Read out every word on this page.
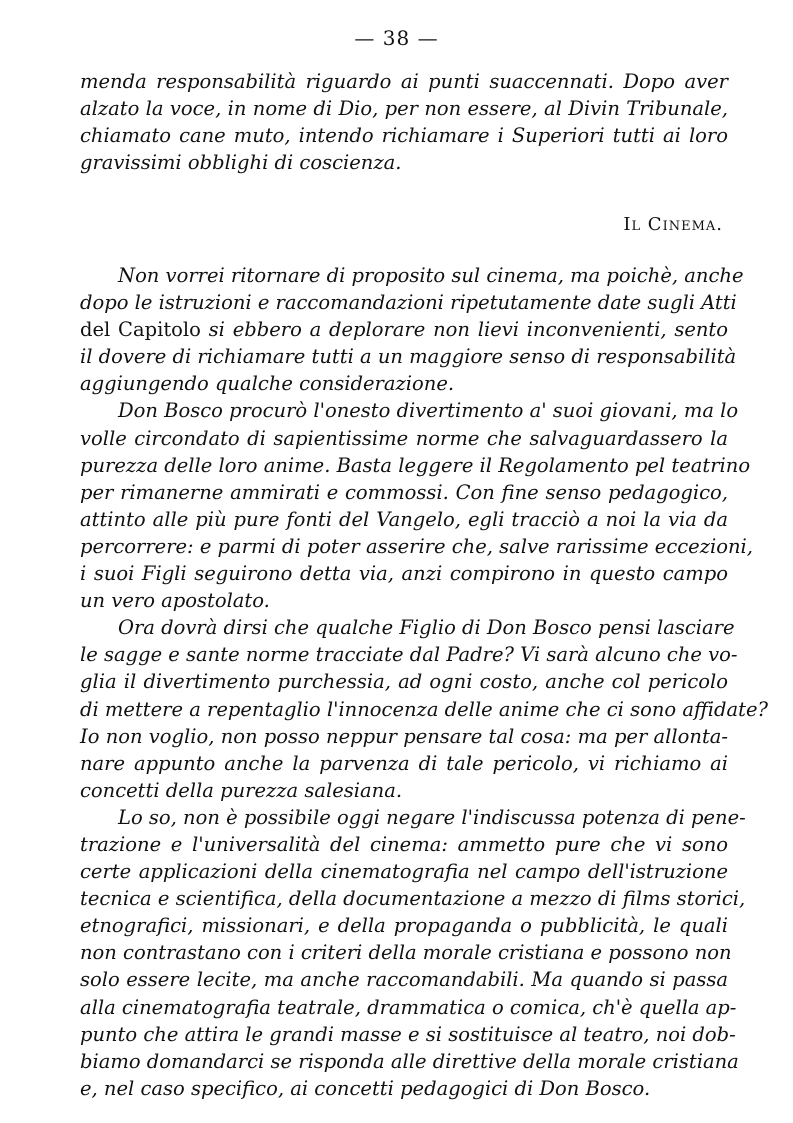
— 38 —
menda responsabilità riguardo ai punti suaccennati. Dopo aver
alzato la voce, in nome di Dio, per non essere, al Divin Tribunale,
chiamato cane muto, intendo richiamare i Superiori tutti ai loro
gravissimi obblighi di coscienza.
Il Cinema.
Non vorrei ritornare di proposito sul cinema, ma poichè, anche
dopo le istruzioni e raccomandazioni ripetutamente date sugli Atti
del Capitolo si ebbero a deplorare non lievi inconvenienti, sento
il dovere di richiamare tutti a un maggiore senso di responsabilità
aggiungendo qualche considerazione.
Don Bosco procurò l'onesto divertimento a' suoi giovani, ma lo
volle circondato di sapientissime norme che salvaguardassero la
purezza delle loro anime. Basta leggere il Regolamento pel teatrino
per rimanerne ammirati e commossi. Con fine senso pedagogico,
attinto alle più pure fonti del Vangelo, egli tracciò a noi la via da
percorrere: e parmi di poter asserire che, salve rarissime eccezioni,
i suoi Figli seguirono detta via, anzi compirono in questo campo
un vero apostolato.
Ora dovrà dirsi che qualche Figlio di Don Bosco pensi lasciare
le sagge e sante norme tracciate dal Padre? Vi sarà alcuno che vo-
glia il divertimento purchessia, ad ogni costo, anche col pericolo
di mettere a repentaglio l'innocenza delle anime che ci sono affidate?
Io non voglio, non posso neppur pensare tal cosa: ma per allonta-
nare appunto anche la parvenza di tale pericolo, vi richiamo ai
concetti della purezza salesiana.
Lo so, non è possibile oggi negare l'indiscussa potenza di pene-
trazione e l'universalità del cinema: ammetto pure che vi sono
certe applicazioni della cinematografia nel campo dell'istruzione
tecnica e scientifica, della documentazione a mezzo di films storici,
etnografici, missionari, e della propaganda o pubblicità, le quali
non contrastano con i criteri della morale cristiana e possono non
solo essere lecite, ma anche raccomandabili. Ma quando si passa
alla cinematografia teatrale, drammatica o comica, ch'è quella ap-
punto che attira le grandi masse e si sostituisce al teatro, noi dob-
biamo domandarci se risponda alle direttive della morale cristiana
e, nel caso specifico, ai concetti pedagogici di Don Bosco.
